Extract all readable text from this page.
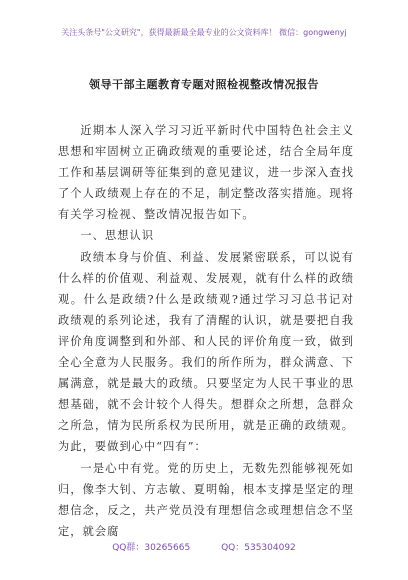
关注头条号"公文研究"，获得最新最全最专业的公文资料库！ 微信：gongwenyj
领导干部主题教育专题对照检视整改情况报告

近期本人深入学习习近平新时代中国特色社会主义思想和牢固树立正确政绩观的重要论述，结合全局年度工作和基层调研等征集到的意见建议，进一步深入查找了个人政绩观上存在的不足，制定整改落实措施。现将有关学习检视、整改情况报告如下。

一、思想认识

政绩本身与价值、利益、发展紧密联系，可以说有什么样的价值观、利益观、发展观，就有什么样的政绩观。什么是政绩?什么是政绩观?通过学习习总书记对政绩观的系列论述，我有了清醒的认识，就是要把自我评价角度调整到和外部、和人民的评价角度一致，做到全心全意为人民服务。我们的所作所为，群众满意、下属满意，就是最大的政绩。只要坚定为人民干事业的思想基础，就不会计较个人得失。想群众之所想，急群众之所急，情为民所系权为民所用，就是正确的政绩观。为此，要做到心中“四有”：

一是心中有党。党的历史上，无数先烈能够视死如归，像李大钊、方志敏、夏明翰，根本支撑是坚定的理想信念，反之，共产党员没有理想信念或理想信念不坚定，就会腐

QQ群：30265665	QQ：535304092
